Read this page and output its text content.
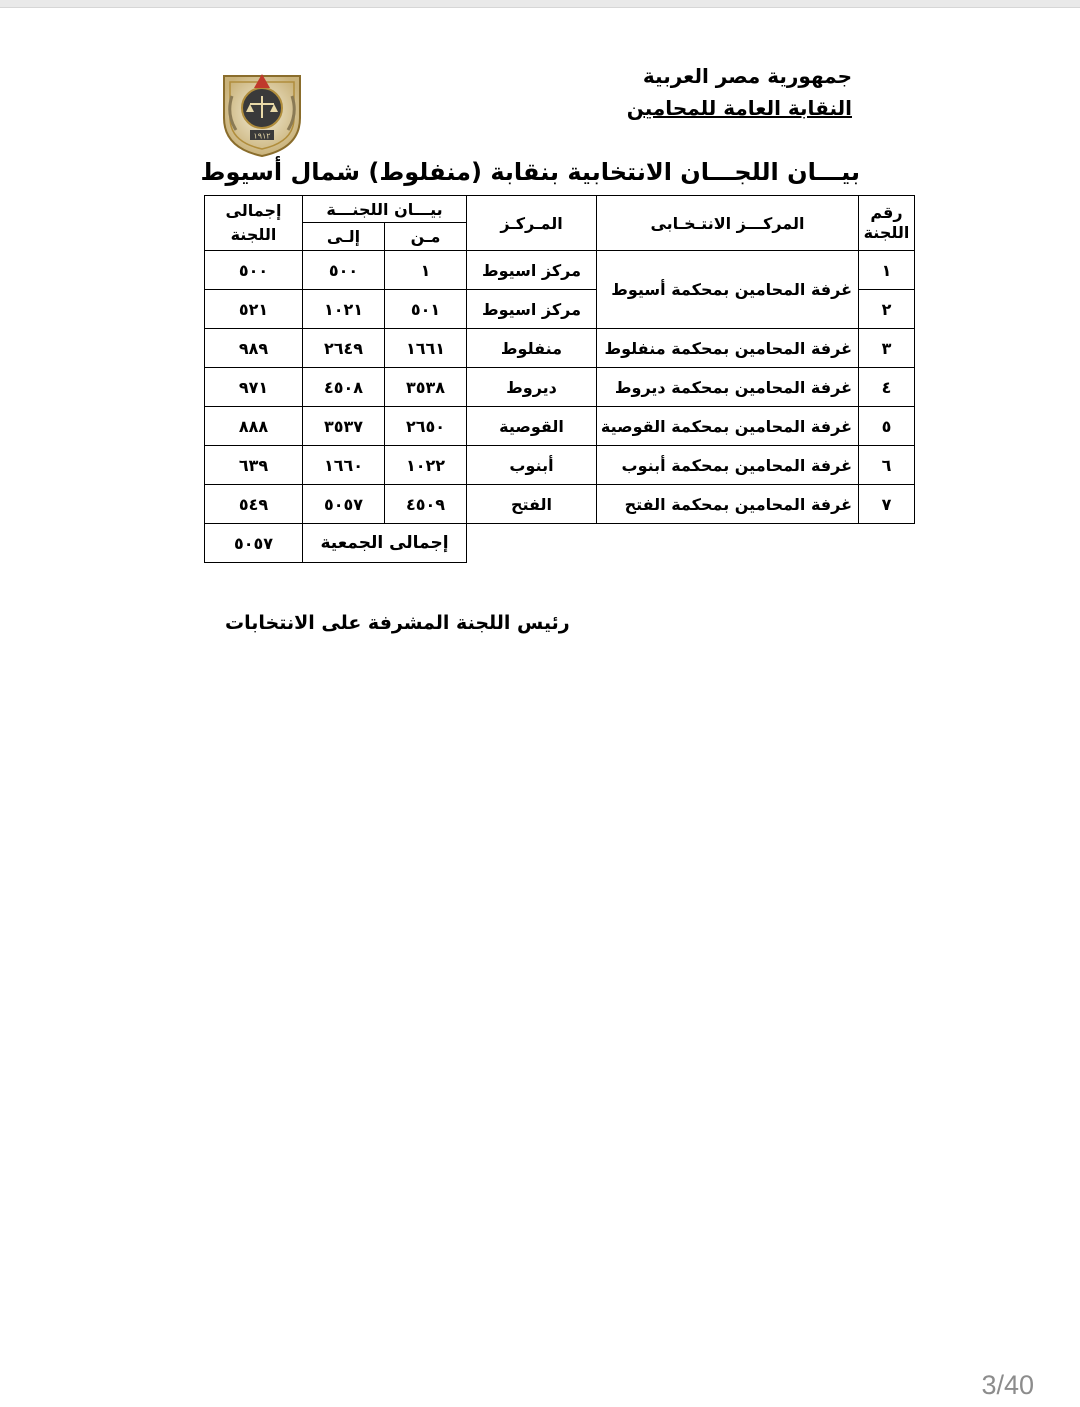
١٩١٢
جمهورية مصر العربية
النقابة العامة للمحامين
بيـــان اللجـــان الانتخابية بنقابة (منفلوط) شمال أسيوط
رقم اللجنة	المركـــز الانتـخـابى	المـركـز	بيـــان اللجنـــة		إجمالى اللجنة
			مـن	إلـى	
١	غرفة المحامين بمحكمة أسيوط	مركز اسيوط	١	٥٠٠	٥٠٠
٢		مركز اسيوط	٥٠١	١٠٢١	٥٢١
٣	غرفة المحامين بمحكمة منفلوط	منفلوط	١٦٦١	٢٦٤٩	٩٨٩
٤	غرفة المحامين بمحكمة ديروط	ديروط	٣٥٣٨	٤٥٠٨	٩٧١
٥	غرفة المحامين بمحكمة القوصية	القوصية	٢٦٥٠	٣٥٣٧	٨٨٨
٦	غرفة المحامين بمحكمة أبنوب	أبنوب	١٠٢٢	١٦٦٠	٦٣٩
٧	غرفة المحامين بمحكمة الفتح	الفتح	٤٥٠٩	٥٠٥٧	٥٤٩
			إجمالى الجمعية		٥٠٥٧
رئيس اللجنة المشرفة على الانتخابات
3/40
